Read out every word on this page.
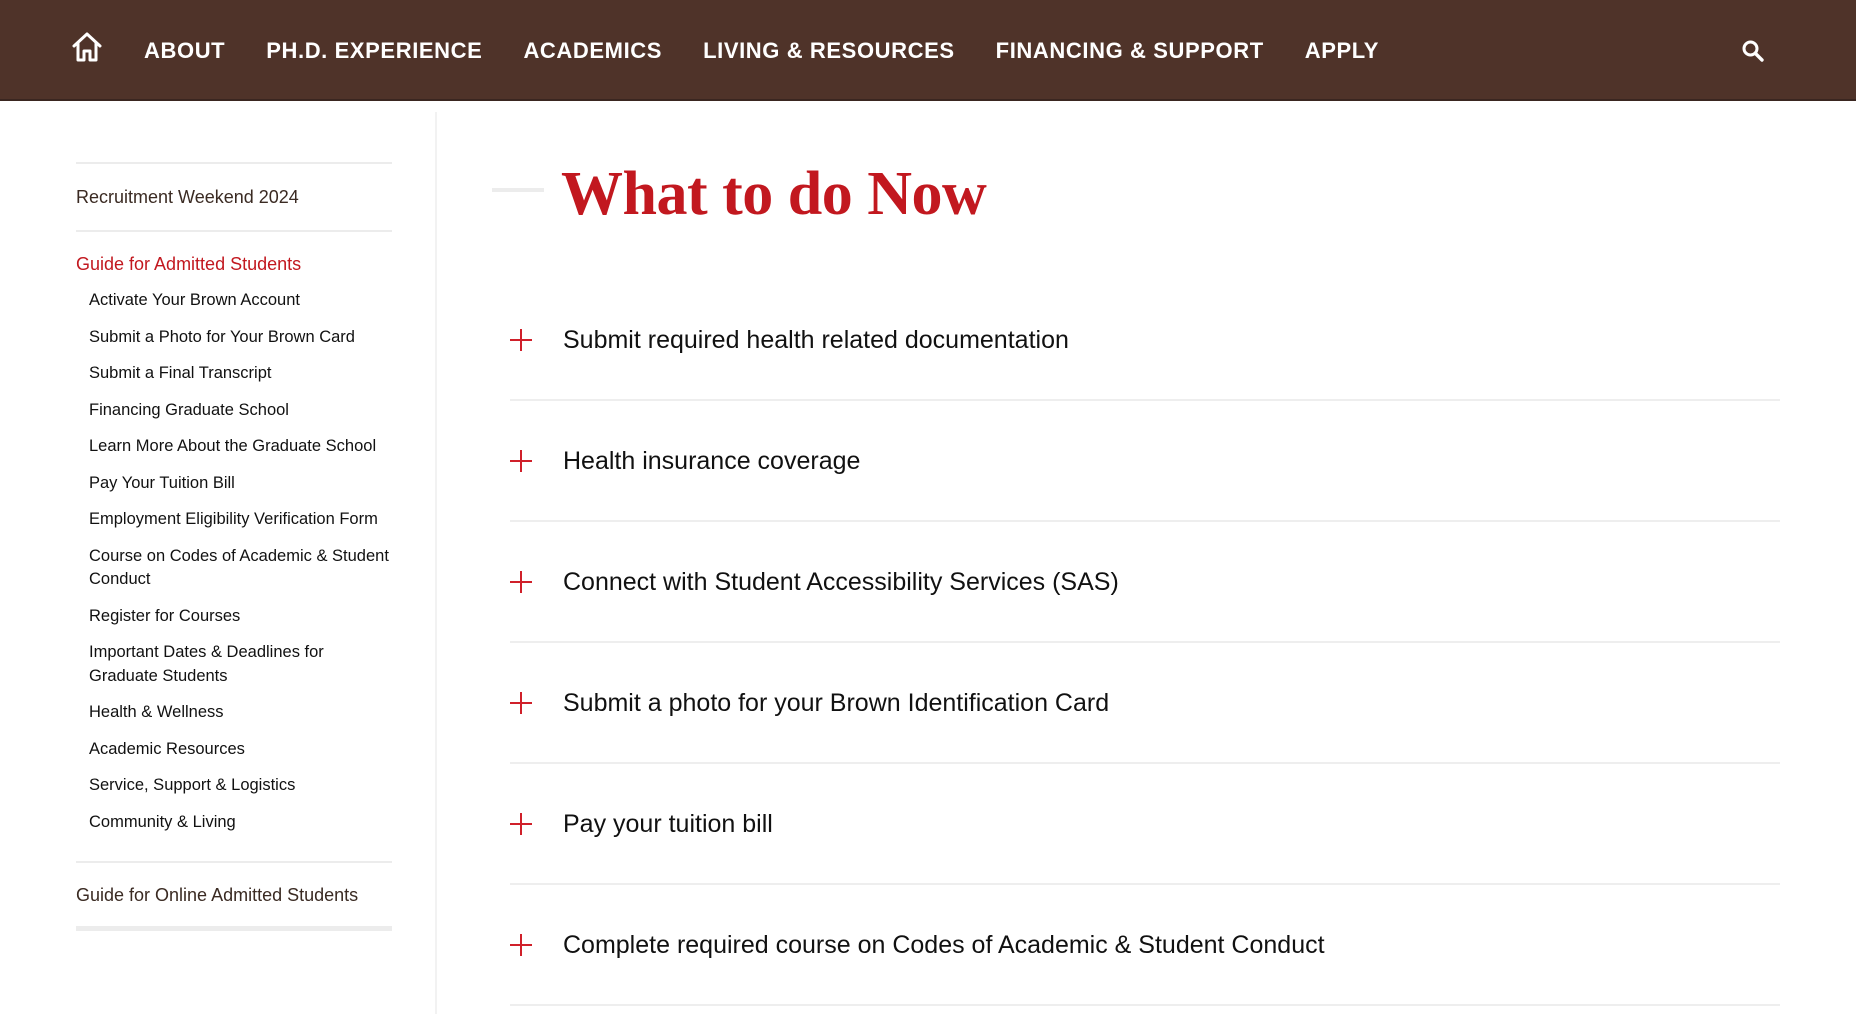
ABOUT PH.D. EXPERIENCE ACADEMICS LIVING & RESOURCES FINANCING & SUPPORT APPLY
Recruitment Weekend 2024
Guide for Admitted Students
Activate Your Brown Account
Submit a Photo for Your Brown Card
Submit a Final Transcript
Financing Graduate School
Learn More About the Graduate School
Pay Your Tuition Bill
Employment Eligibility Verification Form
Course on Codes of Academic & Student Conduct
Register for Courses
Important Dates & Deadlines for Graduate Students
Health & Wellness
Academic Resources
Service, Support & Logistics
Community & Living
Guide for Online Admitted Students
What to do Now
Submit required health related documentation
Health insurance coverage
Connect with Student Accessibility Services (SAS)
Submit a photo for your Brown Identification Card
Pay your tuition bill
Complete required course on Codes of Academic & Student Conduct
